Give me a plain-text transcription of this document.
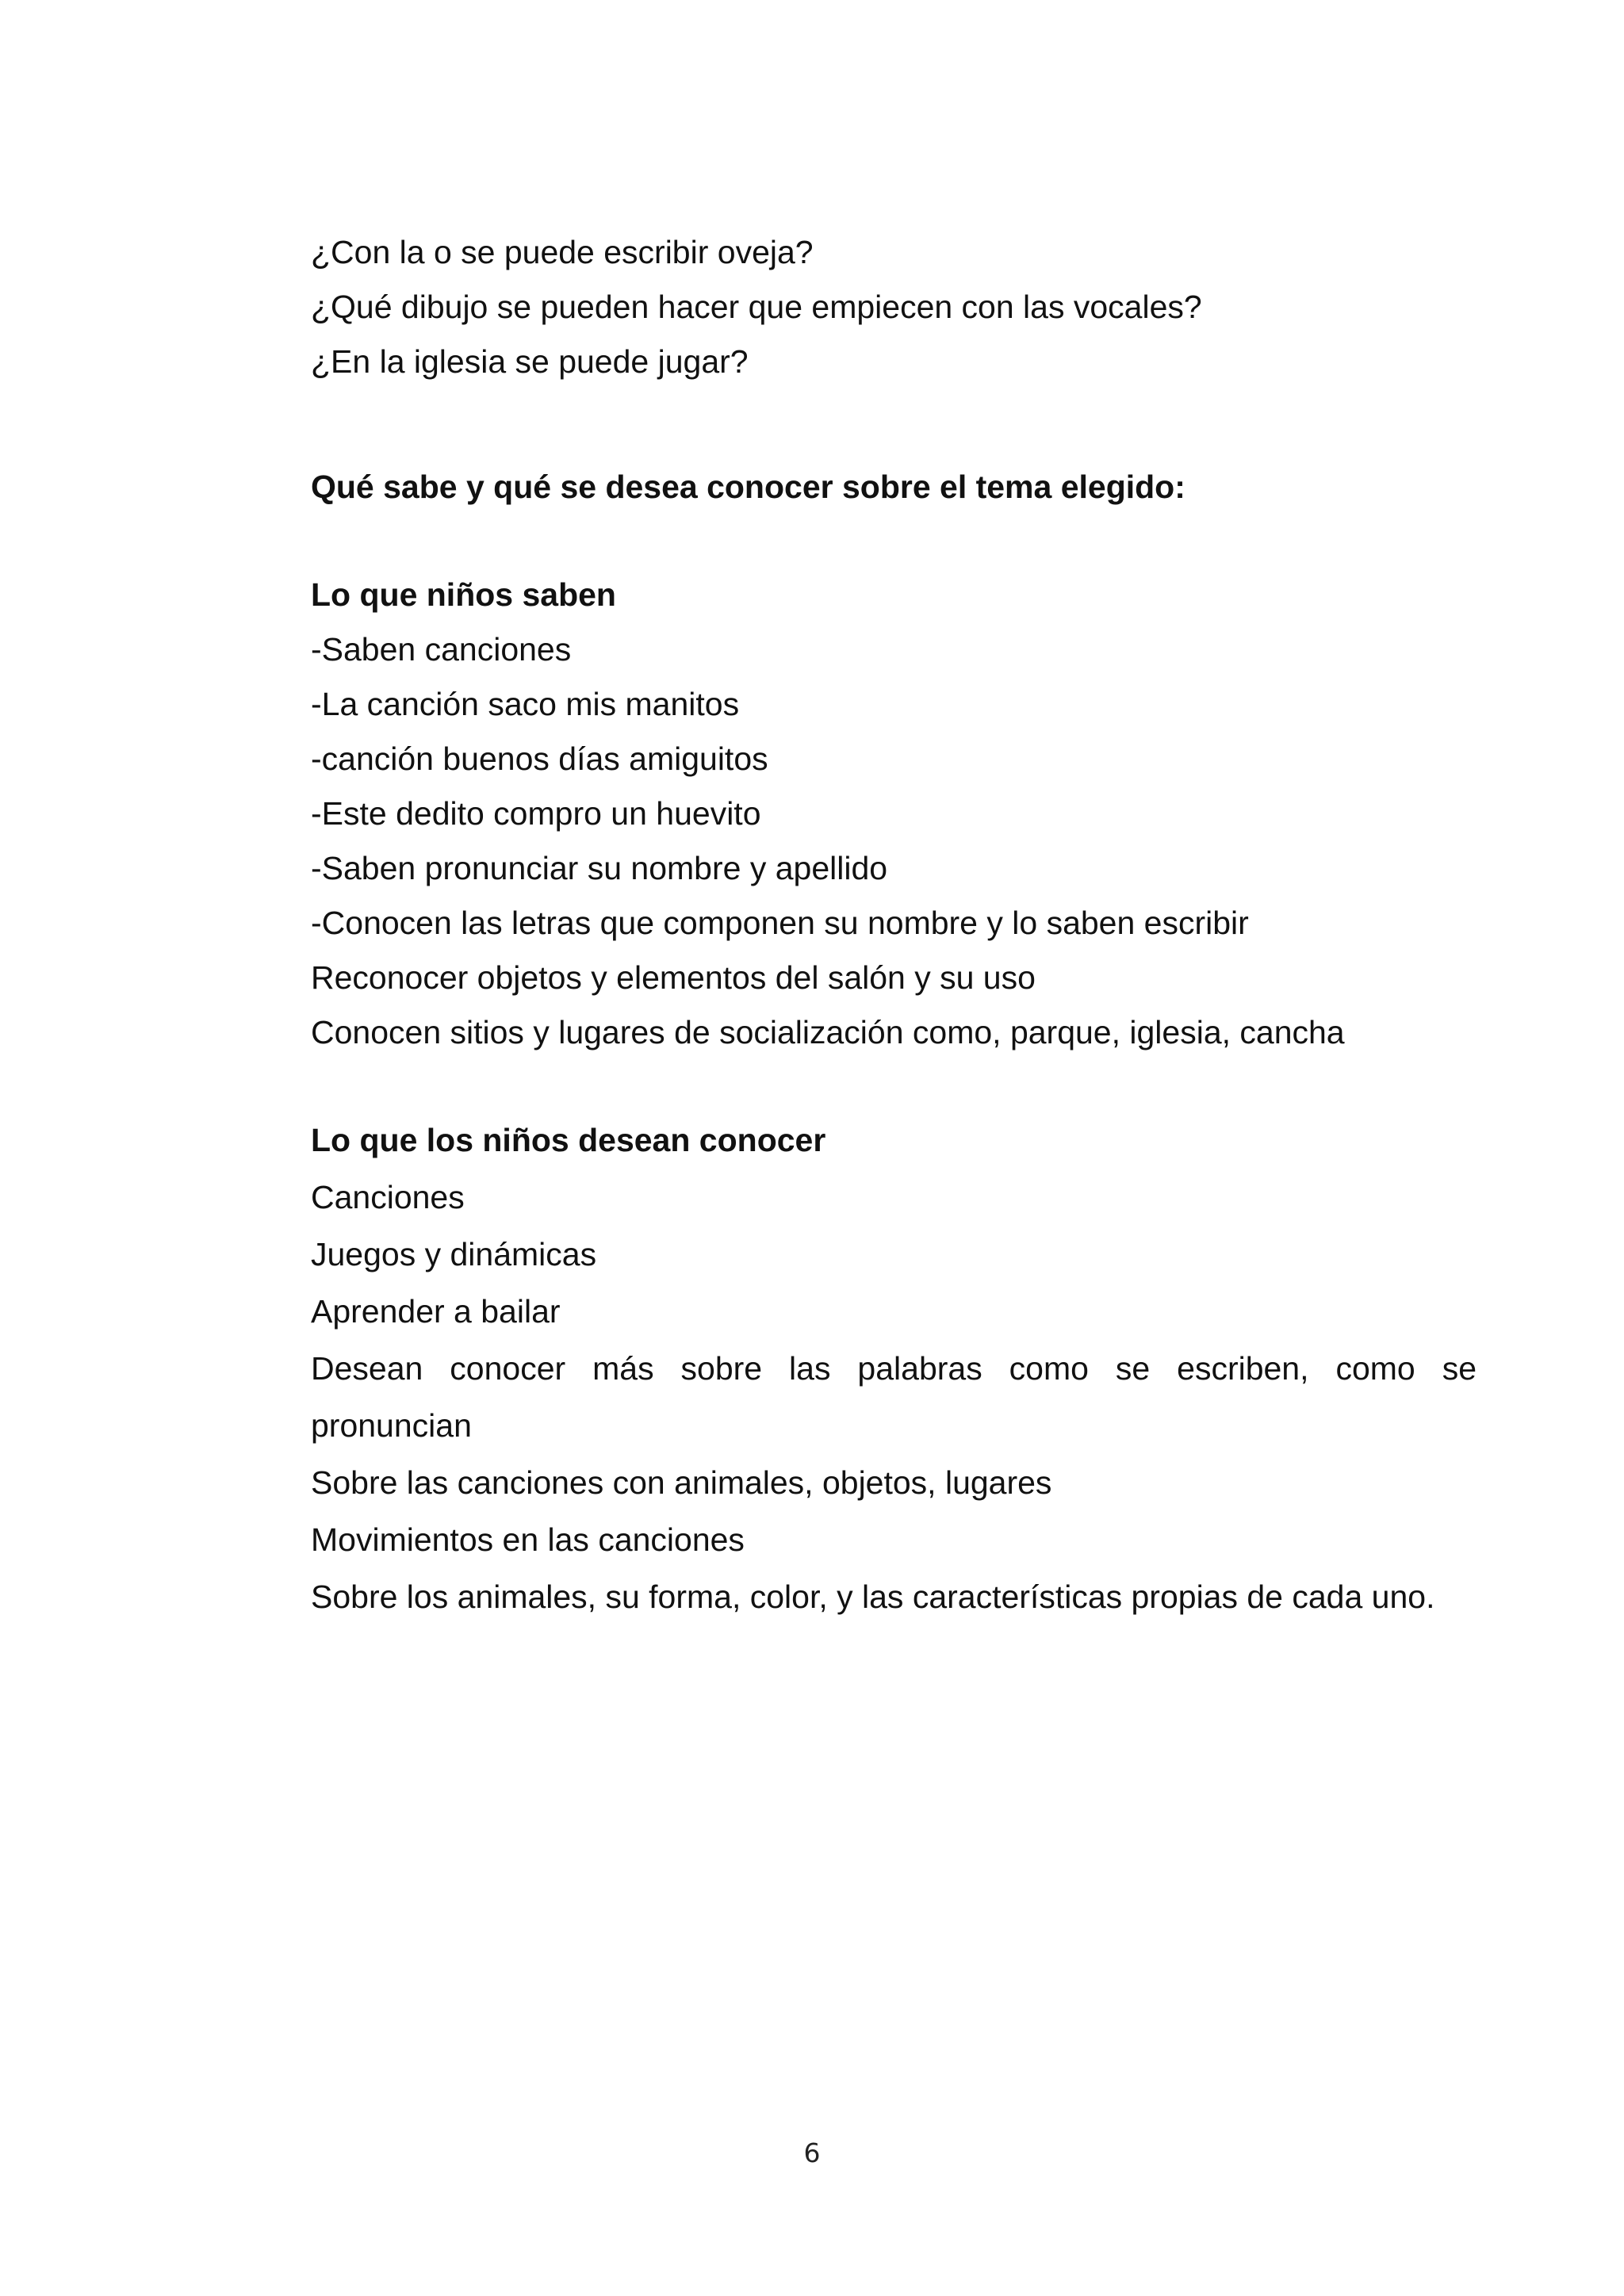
¿Con la o se puede escribir oveja?
¿Qué dibujo se pueden hacer que empiecen con las vocales?
¿En la iglesia se puede jugar?
Qué sabe y qué se desea conocer sobre el tema elegido:
Lo que niños saben
-Saben canciones
-La canción saco mis manitos
-canción buenos días amiguitos
-Este dedito compro un huevito
-Saben pronunciar su nombre y apellido
-Conocen las letras que componen su nombre y lo saben escribir
Reconocer objetos y elementos del salón y su uso
Conocen sitios y lugares de socialización como, parque, iglesia, cancha
Lo que los niños desean conocer
Canciones
Juegos y dinámicas
Aprender a bailar
Desean conocer más sobre las palabras como se escriben, como se
pronuncian
Sobre las canciones con animales, objetos, lugares
Movimientos en las canciones
Sobre los animales, su forma, color, y las características propias de cada uno.
6
